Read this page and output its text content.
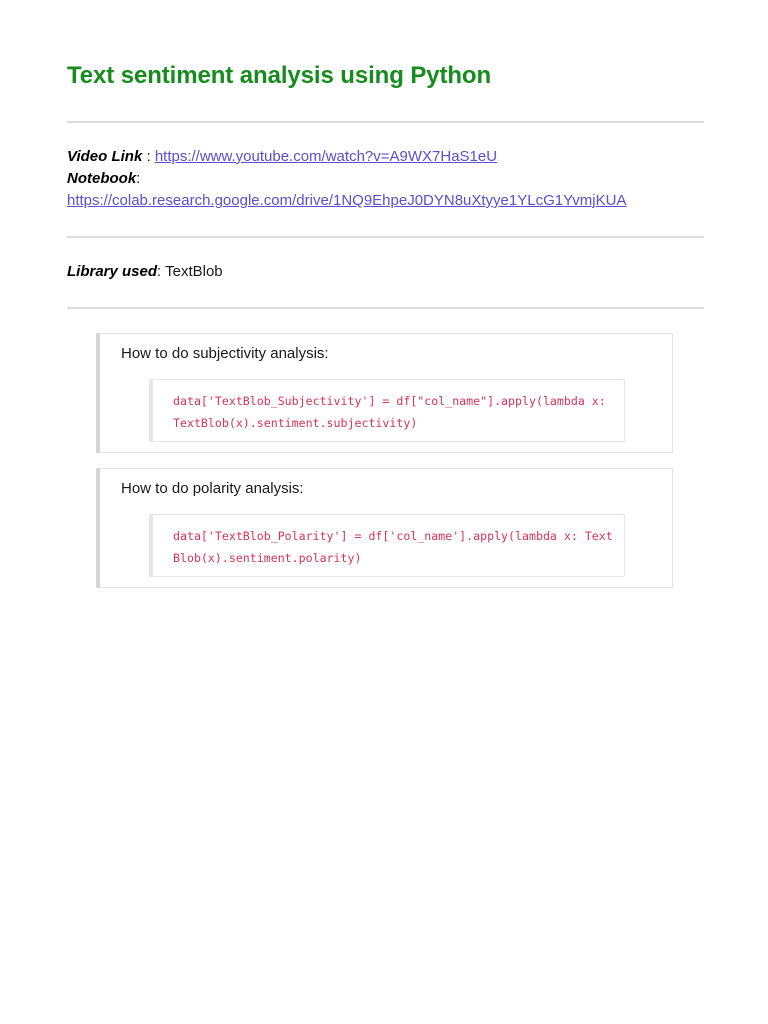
Text sentiment analysis using Python
Video Link : https://www.youtube.com/watch?v=A9WX7HaS1eU
Notebook:
https://colab.research.google.com/drive/1NQ9EhpeJ0DYN8uXtyye1YLcG1YvmjKUA
Library used: TextBlob
How to do subjectivity analysis:
data['TextBlob_Subjectivity'] = df["col_name"].apply(lambda x: TextBlob(x).sentiment.subjectivity)
How to do polarity analysis:
data['TextBlob_Polarity'] = df['col_name'].apply(lambda x: TextBlob(x).sentiment.polarity)
